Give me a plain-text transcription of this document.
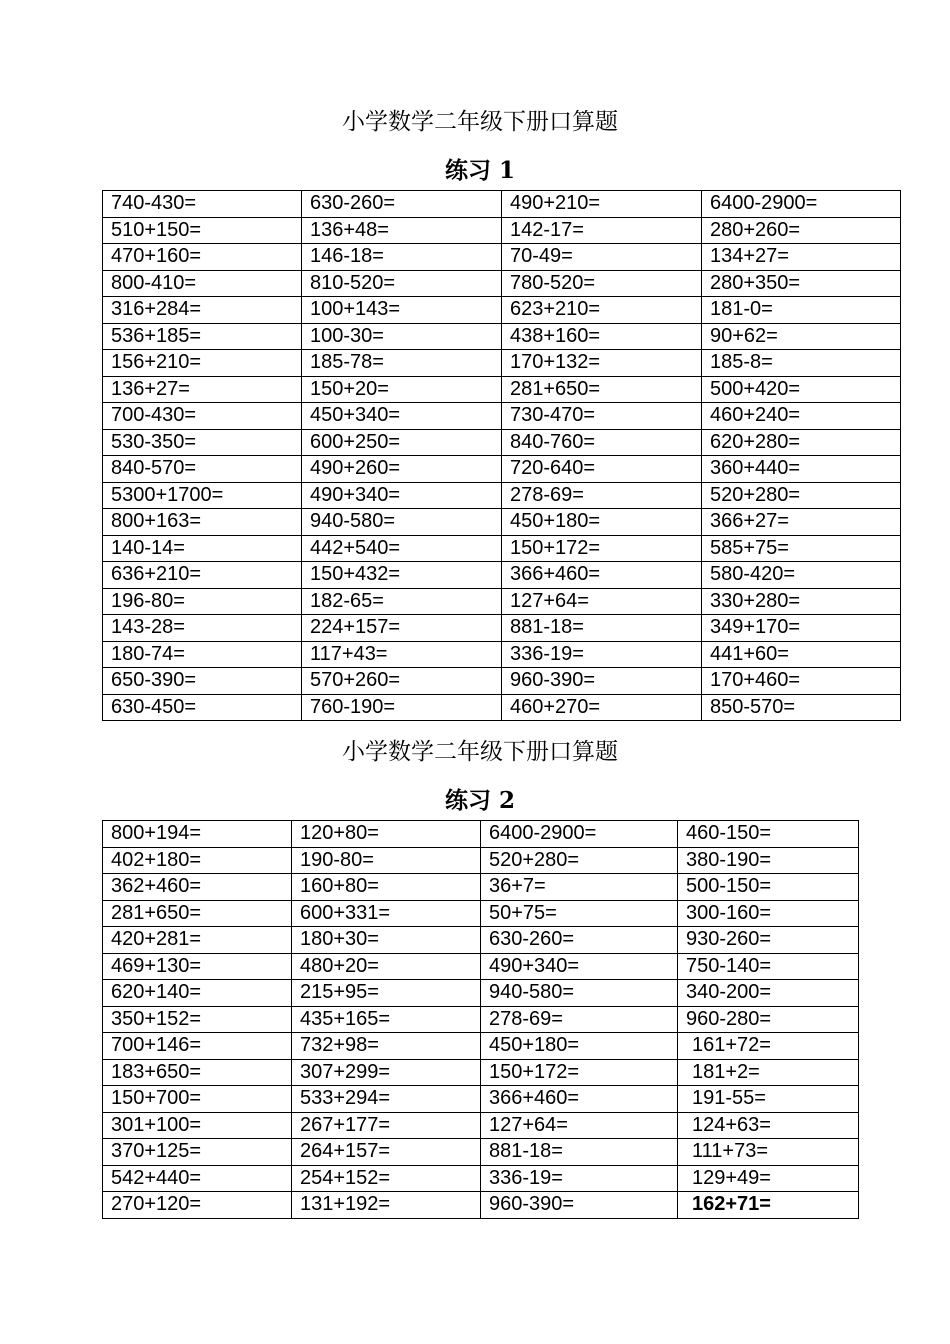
小学数学二年级下册口算题
练习 1
740-430=	630-260=	490+210=	6400-2900=
510+150=	136+48=	142-17=	280+260=
470+160=	146-18=	70-49=	134+27=
800-410=	810-520=	780-520=	280+350=
316+284=	100+143=	623+210=	181-0=
536+185=	100-30=	438+160=	90+62=
156+210=	185-78=	170+132=	185-8=
136+27=	150+20=	281+650=	500+420=
700-430=	450+340=	730-470=	460+240=
530-350=	600+250=	840-760=	620+280=
840-570=	490+260=	720-640=	360+440=
5300+1700=	490+340=	278-69=	520+280=
800+163=	940-580=	450+180=	366+27=
140-14=	442+540=	150+172=	585+75=
636+210=	150+432=	366+460=	580-420=
196-80=	182-65=	127+64=	330+280=
143-28=	224+157=	881-18=	349+170=
180-74=	117+43=	336-19=	441+60=
650-390=	570+260=	960-390=	170+460=
630-450=	760-190=	460+270=	850-570=
小学数学二年级下册口算题
练习 2
800+194=	120+80=	6400-2900=	460-150=
402+180=	190-80=	520+280=	380-190=
362+460=	160+80=	36+7=	500-150=
281+650=	600+331=	50+75=	300-160=
420+281=	180+30=	630-260=	930-260=
469+130=	480+20=	490+340=	750-140=
620+140=	215+95=	940-580=	340-200=
350+152=	435+165=	278-69=	960-280=
700+146=	732+98=	450+180=	161+72=
183+650=	307+299=	150+172=	181+2=
150+700=	533+294=	366+460=	191-55=
301+100=	267+177=	127+64=	124+63=
370+125=	264+157=	881-18=	111+73=
542+440=	254+152=	336-19=	129+49=
270+120=	131+192=	960-390=	162+71=
